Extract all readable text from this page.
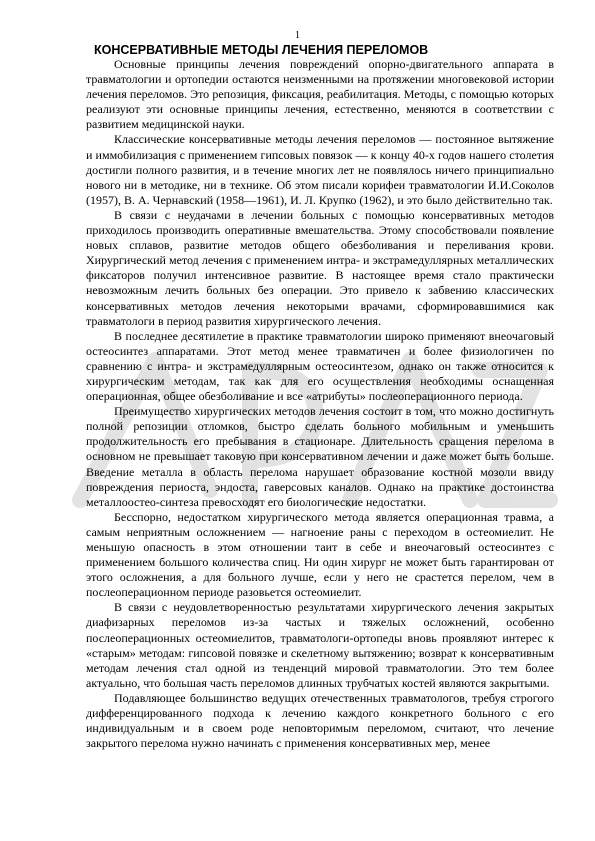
1
КОНСЕРВАТИВНЫЕ МЕТОДЫ ЛЕЧЕНИЯ ПЕРЕЛОМОВ

Основные принципы лечения повреждений опорно-двигательного аппарата в травматологии и ортопедии остаются неизменными на протяжении многовековой истории лечения переломов. Это репозиция, фиксация, реабилитация. Методы, с помощью которых реализуют эти основные принципы лечения, естественно, меняются в соответствии с развитием медицинской науки.

Классические консервативные методы лечения переломов — постоянное вытяжение и иммобилизация с применением гипсовых повязок — к концу 40-х годов нашего столетия достигли полного развития, и в течение многих лет не появлялось ничего принципиально нового ни в методике, ни в технике. Об этом писали корифеи травматологии И.И.Соколов (1957), В. А. Чернавский (1958—1961), И. Л. Крупко (1962), и это было действительно так.

В связи с неудачами в лечении больных с помощью консервативных методов приходилось производить оперативные вмешательства. Этому способствовали появление новых сплавов, развитие методов общего обезболивания и переливания крови. Хирургический метод лечения с применением интра- и экстрамедуллярных металлических фиксаторов получил интенсивное развитие. В настоящее время стало практически невозможным лечить больных без операции. Это привело к забвению классических консервативных методов лечения некоторыми врачами, сформировавшимися как травматологи в период развития хирургического лечения.

В последнее десятилетие в практике травматологии широко применяют внеочаговый остеосинтез аппаратами. Этот метод менее травматичен и более физиологичен по сравнению с интра- и экстрамедуллярным остеосинтезом, однако он также относится к хирургическим методам, так как для его осуществления необходимы оснащенная операционная, общее обезболивание и все «атрибуты» послеоперационного периода.

Преимущество хирургических методов лечения состоит в том, что можно достигнуть полной репозиции отломков, быстро сделать больного мобильным и уменьшить продолжительность его пребывания в стационаре. Длительность сращения перелома в основном не превышает таковую при консервативном лечении и даже может быть больше. Введение металла в область перелома нарушает образование костной мозоли ввиду повреждения периоста, эндоста, гаверсовых каналов. Однако на практике достоинства металлоостео-синтеза превосходят его биологические недостатки.

Бесспорно, недостатком хирургического метода является операционная травма, а самым неприятным осложнением — нагноение раны с переходом в остеомиелит. Не меньшую опасность в этом отношении таит в себе и внеочаговый остеосинтез с применением большого количества спиц. Ни один хирург не может быть гарантирован от этого осложнения, а для больного лучше, если у него не срастется перелом, чем в послеоперационном периоде разовьется остеомиелит.

В связи с неудовлетворенностью результатами хирургического лечения закрытых диафизарных переломов из-за частых и тяжелых осложнений, особенно послеоперационных остеомиелитов, травматологи-ортопеды вновь проявляют интерес к «старым» методам: гипсовой повязке и скелетному вытяжению; возврат к консервативным методам лечения стал одной из тенденций мировой травматологии. Это тем более актуально, что большая часть переломов длинных трубчатых костей являются закрытыми.

Подавляющее большинство ведущих отечественных травматологов, требуя строгого дифференцированного подхода к лечению каждого конкретного больного с его индивидуальным и в своем роде неповторимым переломом, считают, что лечение закрытого перелома нужно начинать с применения консервативных мер, менее
